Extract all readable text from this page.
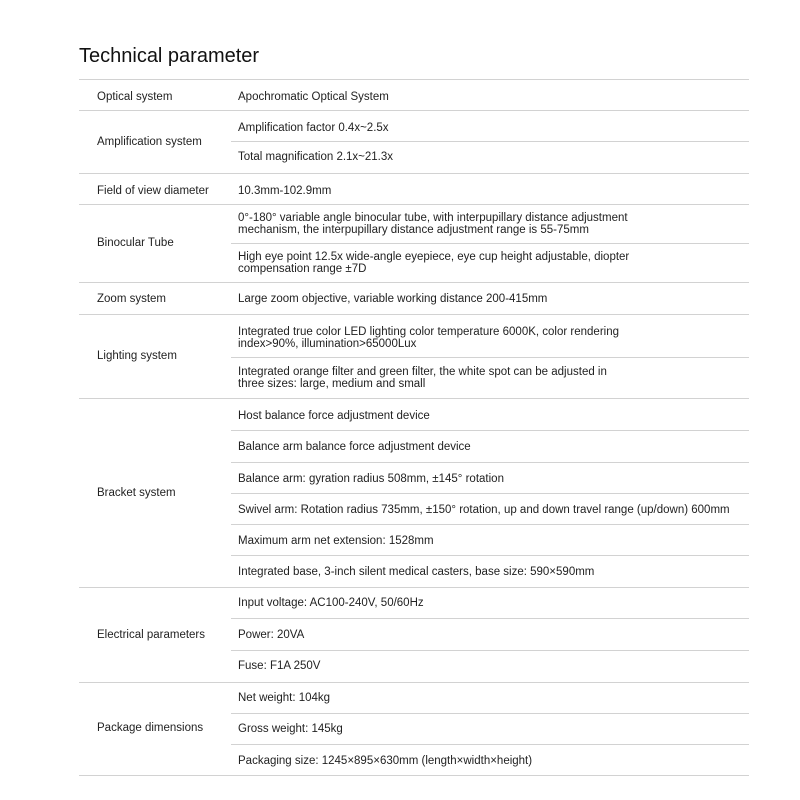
Technical parameter
Optical system
Amplification system
Field of view diameter
Binocular Tube
Zoom system
Lighting system
Bracket system
Electrical parameters
Package dimensions
Apochromatic Optical System
Amplification factor 0.4x~2.5x
Total magnification 2.1x~21.3x
10.3mm-102.9mm
0°-180° variable angle binocular tube, with interpupillary distance adjustment
mechanism, the interpupillary distance adjustment range is 55-75mm
High eye point 12.5x wide-angle eyepiece, eye cup height adjustable, diopter
compensation range ±7D
Large zoom objective, variable working distance 200-415mm
Integrated true color LED lighting color temperature 6000K, color rendering
index>90%, illumination>65000Lux
Integrated orange filter and green filter, the white spot can be adjusted in
three sizes: large, medium and small
Host balance force adjustment device
Balance arm balance force adjustment device
Balance arm: gyration radius 508mm, ±145° rotation
Swivel arm: Rotation radius 735mm, ±150° rotation, up and down travel range (up/down) 600mm
Maximum arm net extension: 1528mm
Integrated base, 3-inch silent medical casters, base size: 590×590mm
Input voltage: AC100-240V, 50/60Hz
Power: 20VA
Fuse: F1A 250V
Net weight: 104kg
Gross weight: 145kg
Packaging size: 1245×895×630mm (length×width×height)
